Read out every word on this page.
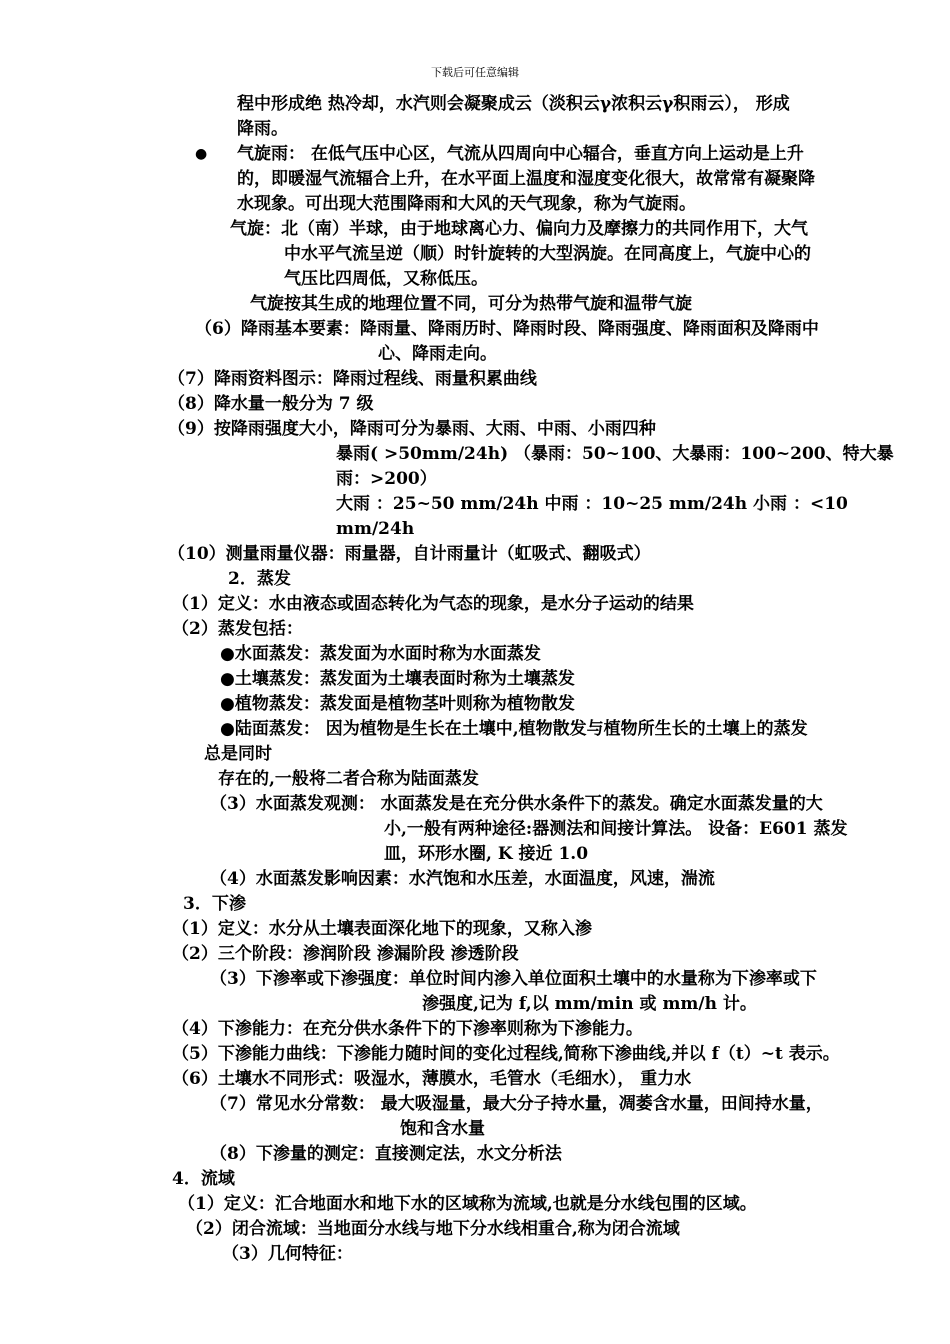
下载后可任意编辑
程中形成绝 热冷却，水汽则会凝聚成云（淡积云γ浓积云γ积雨云）， 形成
降雨。
● 气旋雨： 在低气压中心区，气流从四周向中心辐合，垂直方向上运动是上升
的，即暖湿气流辐合上升，在水平面上温度和湿度变化很大，故常常有凝聚降
水现象。可出现大范围降雨和大风的天气现象，称为气旋雨。
气旋：北（南）半球，由于地球离心力、偏向力及摩擦力的共同作用下，大气
中水平气流呈逆（顺）时针旋转的大型涡旋。在同高度上，气旋中心的
气压比四周低，又称低压。
气旋按其生成的地理位置不同，可分为热带气旋和温带气旋
（6）降雨基本要素：降雨量、降雨历时、降雨时段、降雨强度、降雨面积及降雨中
心、降雨走向。
（7）降雨资料图示：降雨过程线、雨量积累曲线
（8）降水量一般分为 7 级
（9）按降雨强度大小，降雨可分为暴雨、大雨、中雨、小雨四种
暴雨( >50mm/24h) （暴雨：50~100、大暴雨：100~200、特大暴
雨：>200）
大雨 ：25~50 mm/24h 中雨 ：10~25 mm/24h 小雨 ：<10
mm/24h
（10）测量雨量仪器：雨量器，自计雨量计（虹吸式、翻吸式）
2．蒸发
（1）定义：水由液态或固态转化为气态的现象，是水分子运动的结果
（2）蒸发包括：
●水面蒸发：蒸发面为水面时称为水面蒸发
●土壤蒸发：蒸发面为土壤表面时称为土壤蒸发
●植物蒸发：蒸发面是植物茎叶则称为植物散发
●陆面蒸发： 因为植物是生长在土壤中,植物散发与植物所生长的土壤上的蒸发
总是同时
存在的,一般将二者合称为陆面蒸发
（3）水面蒸发观测： 水面蒸发是在充分供水条件下的蒸发。确定水面蒸发量的大
小,一般有两种途径:器测法和间接计算法。 设备：E601 蒸发
皿，环形水圈, K 接近 1.0
（4）水面蒸发影响因素：水汽饱和水压差，水面温度，风速，湍流
3．下渗
（1）定义：水分从土壤表面深化地下的现象，又称入渗
（2）三个阶段：渗润阶段 渗漏阶段 渗透阶段
（3）下渗率或下渗强度：单位时间内渗入单位面积土壤中的水量称为下渗率或下
渗强度,记为 f,以 mm/min 或 mm/h 计。
（4）下渗能力：在充分供水条件下的下渗率则称为下渗能力。
（5）下渗能力曲线：下渗能力随时间的变化过程线,简称下渗曲线,并以 f（t）~t 表示。
（6）土壤水不同形式：吸湿水，薄膜水，毛管水（毛细水）， 重力水
（7）常见水分常数： 最大吸湿量，最大分子持水量，凋萎含水量，田间持水量，
饱和含水量
（8）下渗量的测定：直接测定法，水文分析法
4．流域
（1）定义：汇合地面水和地下水的区域称为流域,也就是分水线包围的区域。
（2）闭合流域：当地面分水线与地下分水线相重合,称为闭合流域
（3）几何特征：
